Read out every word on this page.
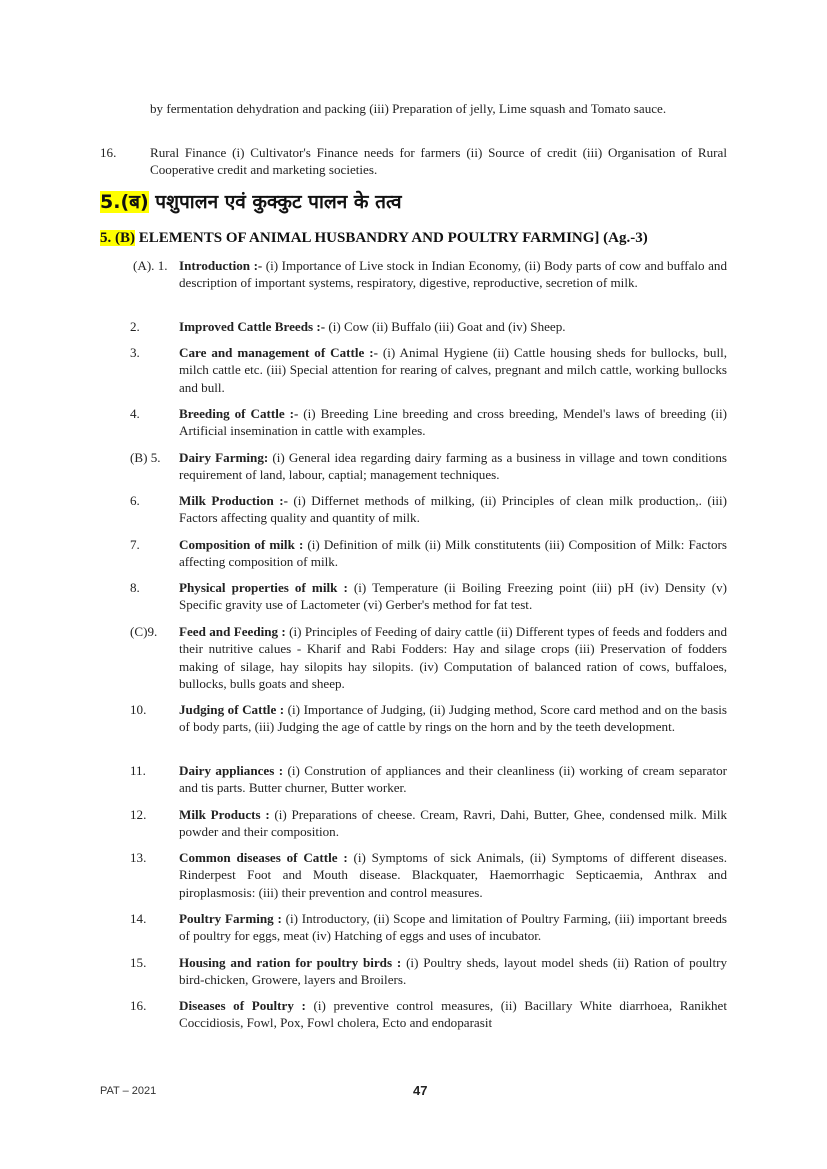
by fermentation dehydration and packing (iii) Preparation of jelly, Lime squash and Tomato sauce.
16.	Rural Finance (i) Cultivator's Finance needs for farmers (ii) Source of credit (iii) Organisation of Rural Cooperative credit and marketing societies.
5.(ब) पशुपालन एवं कुक्कुट पालन के तत्व
5. (B) ELEMENTS OF ANIMAL HUSBANDRY AND POULTRY FARMING] (Ag.-3)
(A). 1. Introduction :- (i) Importance of Live stock in Indian Economy, (ii) Body parts of cow and buffalo and description of important systems, respiratory, digestive, reproductive, secretion of milk.
2.	Improved Cattle Breeds :- (i) Cow (ii) Buffalo (iii) Goat and (iv) Sheep.
3.	Care and management of Cattle :- (i) Animal Hygiene (ii) Cattle housing sheds for bullocks, bull, milch cattle etc. (iii) Special attention for rearing of calves, pregnant and milch cattle, working bullocks and bull.
4.	Breeding of Cattle :- (i) Breeding Line breeding and cross breeding, Mendel's laws of breeding (ii) Artificial insemination in cattle with examples.
(B) 5. Dairy Farming: (i) General idea regarding dairy farming as a business in village and town conditions requirement of land, labour, captial; management techniques.
6.	Milk Production :- (i) Differnet methods of milking, (ii) Principles of clean milk production,. (iii) Factors affecting quality and quantity of milk.
7.	Composition of milk : (i) Definition of milk (ii) Milk constitutents (iii) Composition of Milk: Factors affecting composition of milk.
8.	Physical properties of milk : (i) Temperature (ii Boiling Freezing point (iii) pH (iv) Density (v) Specific gravity use of Lactometer (vi) Gerber's method for fat test.
(C)9. Feed and Feeding : (i) Principles of Feeding of dairy cattle (ii) Different types of feeds and fodders and their nutritive calues - Kharif and Rabi Fodders: Hay and silage crops (iii) Preservation of fodders making of silage, hay silopits hay silopits. (iv) Computation of balanced ration of cows, buffaloes, bullocks, bulls goats and sheep.
10. Judging of Cattle : (i) Importance of Judging, (ii) Judging method, Score card method and on the basis of body parts, (iii) Judging the age of cattle by rings on the horn and by the teeth development.
11.	Dairy appliances : (i) Constrution of appliances and their cleanliness (ii) working of cream separator and tis parts. Butter churner, Butter worker.
12. Milk Products : (i) Preparations of cheese. Cream, Ravri, Dahi, Butter, Ghee, condensed milk. Milk powder and their composition.
13. Common diseases of Cattle : (i) Symptoms of sick Animals, (ii) Symptoms of different diseases. Rinderpest Foot and Mouth disease. Blackquater, Haemorrhagic Septicaemia, Anthrax and piroplasmosis: (iii) their prevention and control measures.
14. Poultry Farming : (i) Introductory, (ii) Scope and limitation of Poultry Farming, (iii) important breeds of poultry for eggs, meat (iv) Hatching of eggs and uses of incubator.
15. Housing and ration for poultry birds : (i) Poultry sheds, layout model sheds (ii) Ration of poultry bird-chicken, Growere, layers and Broilers.
16. Diseases of Poultry : (i) preventive control measures, (ii) Bacillary White diarrhoea, Ranikhet Coccidiosis, Fowl, Pox, Fowl cholera, Ecto and endoparasit
PAT – 2021	47
